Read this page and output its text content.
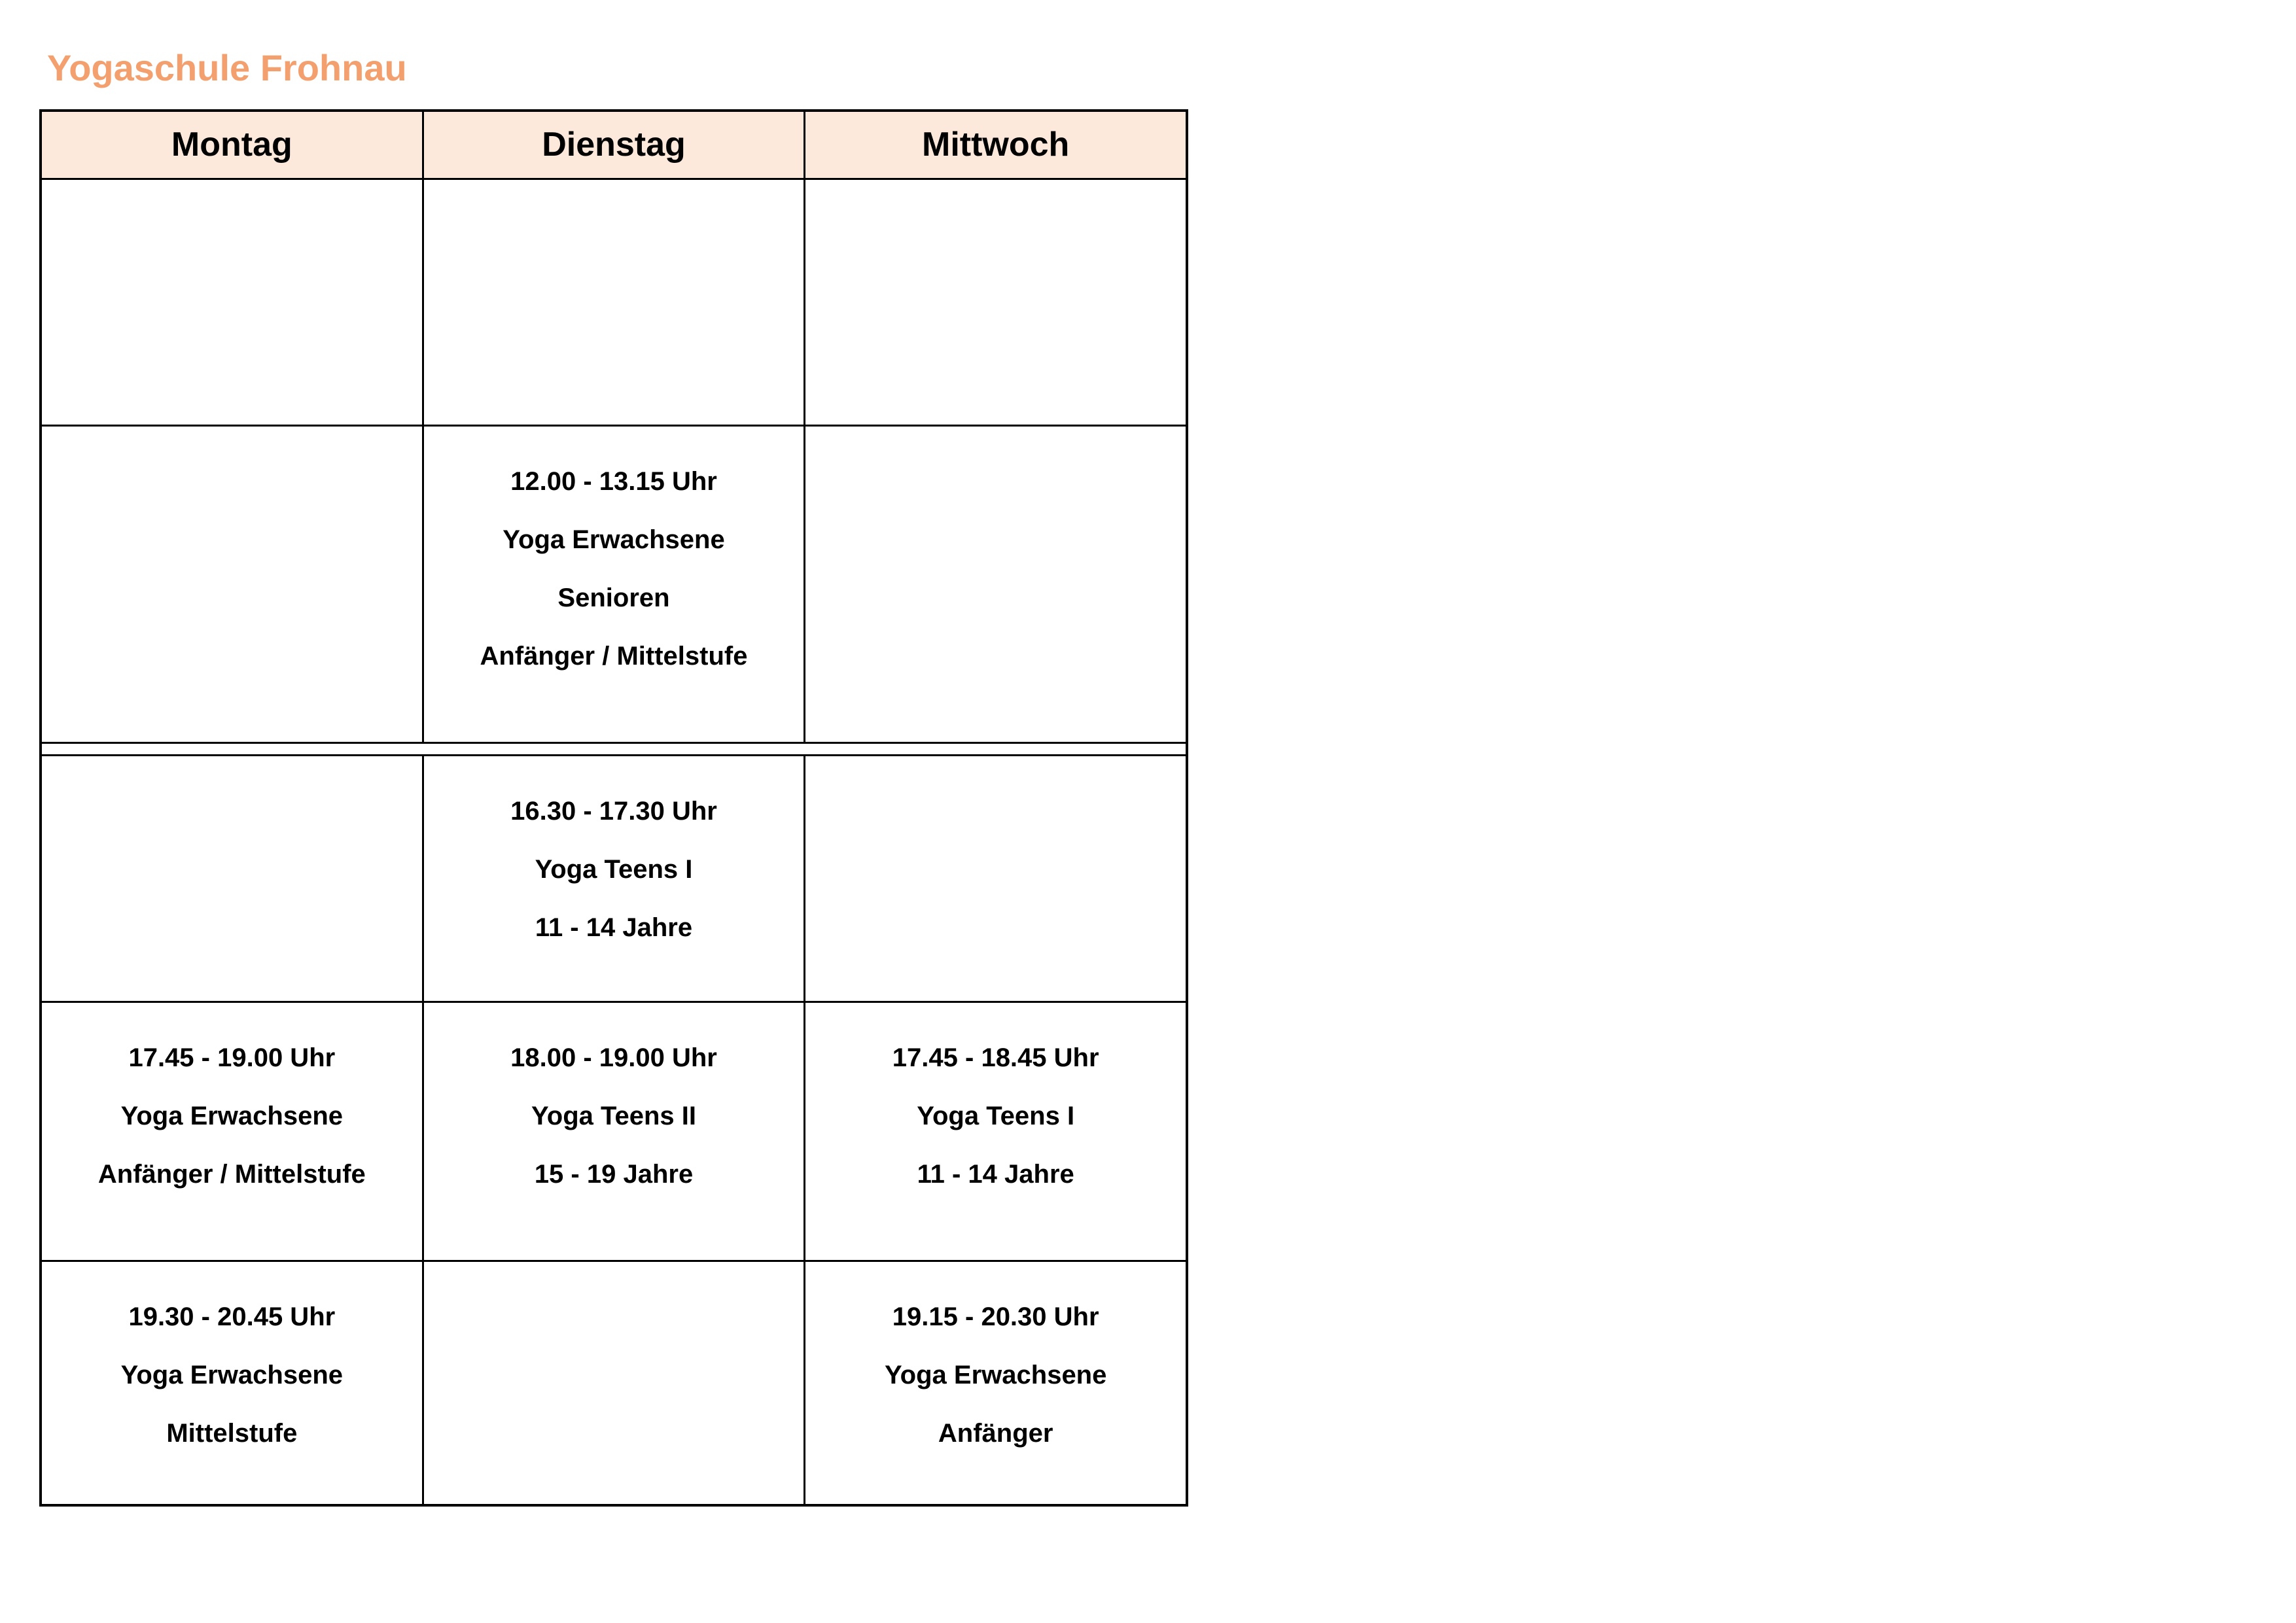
Yogaschule Frohnau
Montag	Dienstag	Mittwoch
12.00 - 13.15 Uhr
Yoga Erwachsene
Senioren
Anfänger / Mittelstufe
16.30 - 17.30 Uhr
Yoga Teens I
11 - 14 Jahre
17.45 - 19.00 Uhr
Yoga Erwachsene
Anfänger / Mittelstufe
18.00 - 19.00 Uhr
Yoga Teens II
15 - 19 Jahre
17.45 - 18.45 Uhr
Yoga Teens I
11 - 14 Jahre
19.30 - 20.45 Uhr
Yoga Erwachsene
Mittelstufe
19.15 - 20.30 Uhr
Yoga Erwachsene
Anfänger
